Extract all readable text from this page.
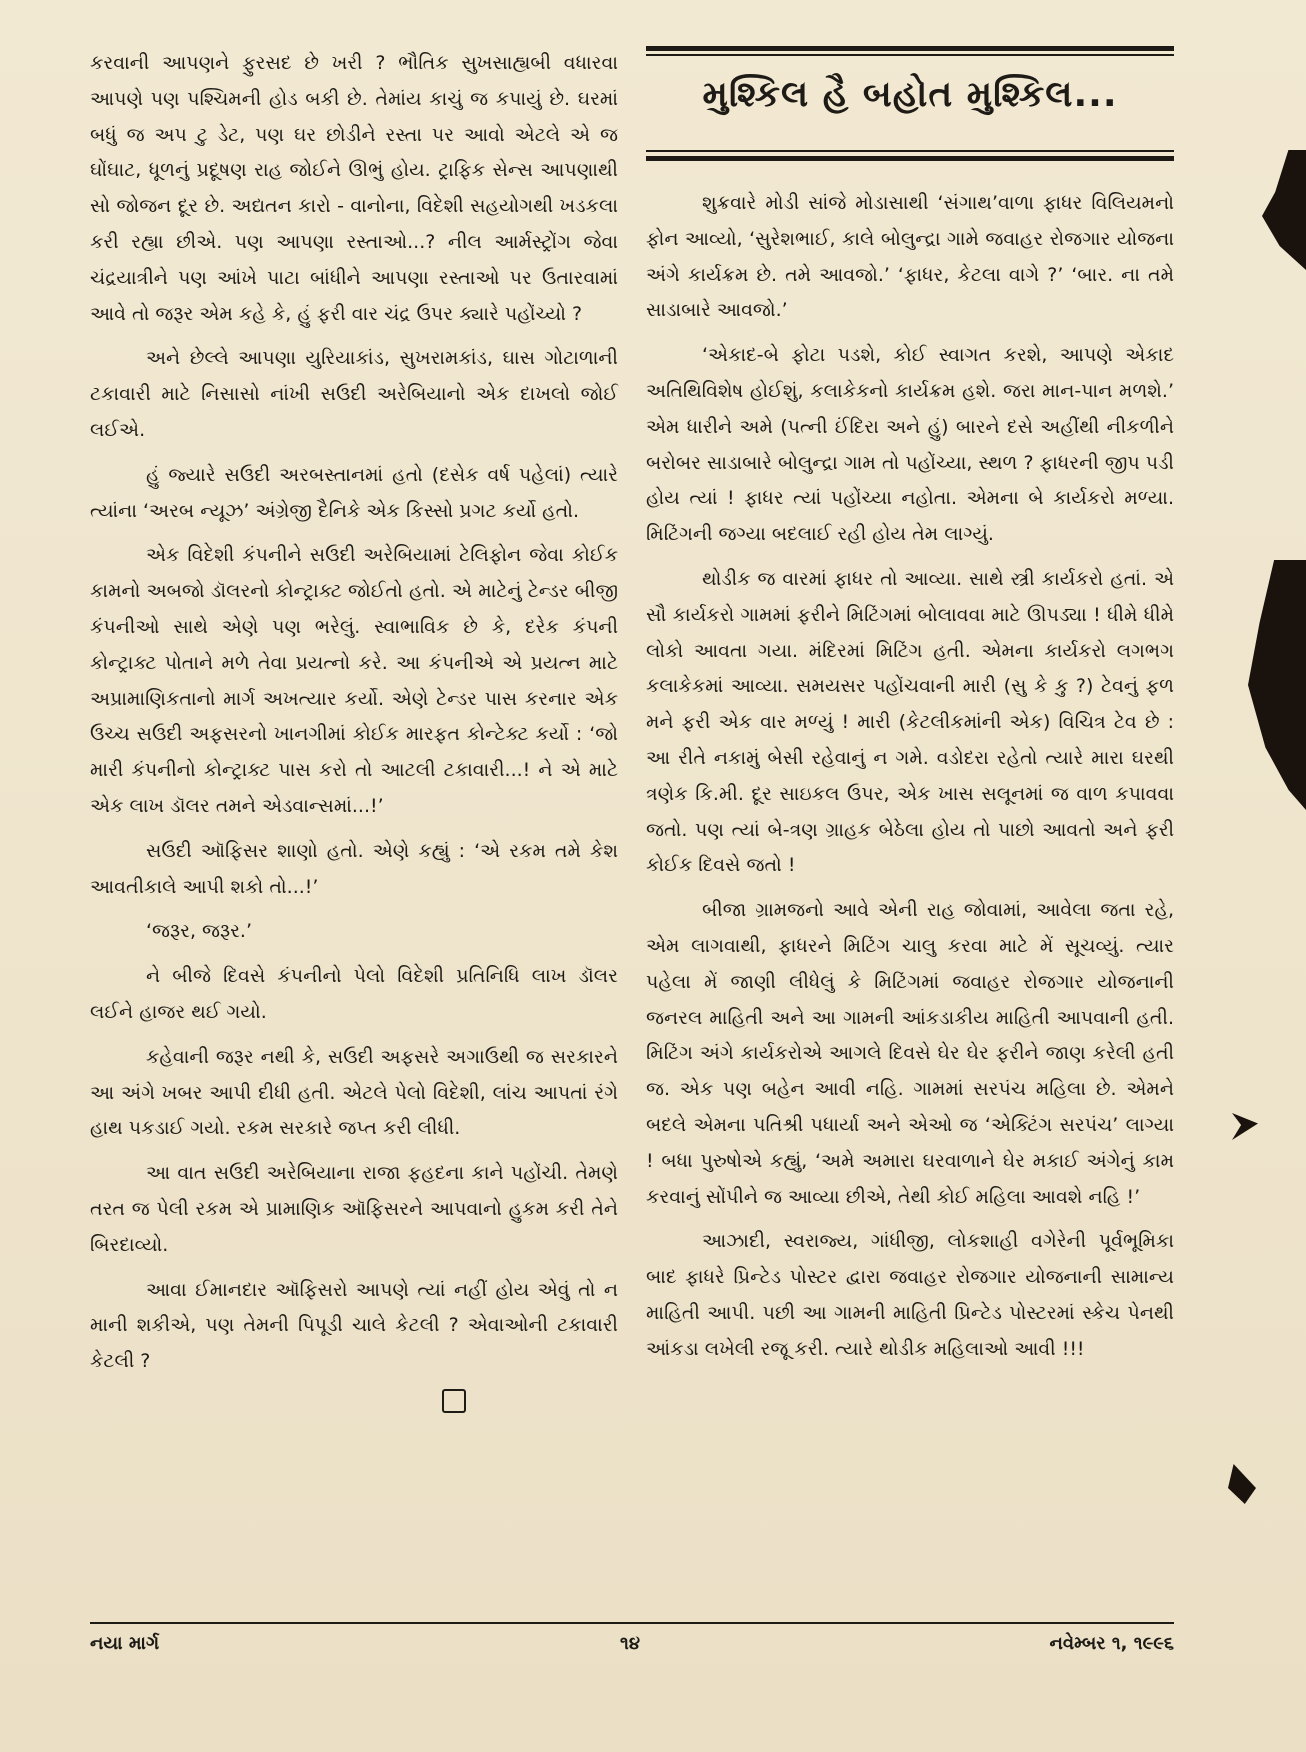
કરવાની આપણને ફુરસદ છે ખરી ? ભૌતિક સુખસાહ્યબી વધારવા આપણે પણ પશ્ચિમની હોડ બકી છે. તેમાંય કાચું જ કપાયું છે. ઘરમાં બધું જ અપ ટુ ડેટ, પણ ઘર છોડીને રસ્તા પર આવો એટલે એ જ ઘોંઘાટ, ધૂળનું પ્રદૂષણ રાહ જોઈને ઊભું હોય. ટ્રાફિક સેન્સ આપણાથી સો જોજન દૂર છે. અદ્યતન કારો - વાનોના, વિદેશી સહયોગથી ખડકલા કરી રહ્યા છીએ. પણ આપણા રસ્તાઓ...? નીલ આર્મસ્ટ્રોંગ જેવા ચંદ્રયાત્રીને પણ આંખે પાટા બાંધીને આપણા રસ્તાઓ પર ઉતારવામાં આવે તો જરૂર એમ કહે કે, હું ફરી વાર ચંદ્ર ઉપર ક્યારે પહોંચ્યો ?

અને છેલ્લે આપણા યુરિયાકાંડ, સુખરામકાંડ, ઘાસ ગોટાળાની ટકાવારી માટે નિસાસો નાંખી સઉદી અરેબિયાનો એક દાખલો જોઈ લઈએ.

હું જ્યારે સઉદી અરબસ્તાનમાં હતો (દસેક વર્ષ પહેલાં) ત્યારે ત્યાંના ‘અરબ ન્યૂઝ’ અંગ્રેજી દૈનિકે એક કિસ્સો પ્રગટ કર્યો હતો.

એક વિદેશી કંપનીને સઉદી અરેબિયામાં ટેલિફોન જેવા કોઈક કામનો અબજો ડૉલરનો કોન્ટ્રાક્ટ જોઈતો હતો. એ માટેનું ટેન્ડર બીજી કંપનીઓ સાથે એણે પણ ભરેલું. સ્વાભાવિક છે કે, દરેક કંપની કોન્ટ્રાક્ટ પોતાને મળે તેવા પ્રયત્નો કરે. આ કંપનીએ એ પ્રયત્ન માટે અપ્રામાણિકતાનો માર્ગ અખત્યાર કર્યો. એણે ટેન્ડર પાસ કરનાર એક ઉચ્ચ સઉદી અફસરનો ખાનગીમાં કોઈક મારફત કોન્ટેક્ટ કર્યો : ‘જો મારી કંપનીનો કોન્ટ્રાક્ટ પાસ કરો તો આટલી ટકાવારી...! ને એ માટે એક લાખ ડૉલર તમને એડવાન્સમાં...!’

સઉદી ઑફિસર શાણો હતો. એણે કહ્યું : ‘એ રકમ તમે કેશ આવતીકાલે આપી શકો તો...!’

‘જરૂર, જરૂર.’

ને બીજે દિવસે કંપનીનો પેલો વિદેશી પ્રતિનિધિ લાખ ડૉલર લઈને હાજર થઈ ગયો.

કહેવાની જરૂર નથી કે, સઉદી અફસરે અગાઉથી જ સરકારને આ અંગે ખબર આપી દીધી હતી. એટલે પેલો વિદેશી, લાંચ આપતાં રંગે હાથ પકડાઈ ગયો. રકમ સરકારે જપ્ત કરી લીધી.

આ વાત સઉદી અરેબિયાના રાજા ફહદના કાને પહોંચી. તેમણે તરત જ પેલી રકમ એ પ્રામાણિક ઑફિસરને આપવાનો હુકમ કરી તેને બિરદાવ્યો.

આવા ઈમાનદાર ઑફિસરો આપણે ત્યાં નહીં હોય એવું તો ન માની શકીએ, પણ તેમની પિપૂડી ચાલે કેટલી ? એવાઓની ટકાવારી કેટલી ?

મુશ્કિલ હૈ બહોત મુશ્કિલ...

શુક્રવારે મોડી સાંજે મોડાસાથી ‘સંગાથ’વાળા ફાધર વિલિયમનો ફોન આવ્યો, ‘સુરેશભાઈ, કાલે બોલુન્દ્રા ગામે જવાહર રોજગાર યોજના અંગે કાર્યક્રમ છે. તમે આવજો.’ ‘ફાધર, કેટલા વાગે ?’ ‘બાર. ના તમે સાડાબારે આવજો.’

‘એકાદ-બે ફોટા પડશે, કોઈ સ્વાગત કરશે, આપણે એકાદ અતિથિવિશેષ હોઈશું, કલાકેકનો કાર્યક્રમ હશે. જરા માન-પાન મળશે.’ એમ ધારીને અમે (પત્ની ઈંદિરા અને હું) બારને દસે અહીંથી નીકળીને બરોબર સાડાબારે બોલુન્દ્રા ગામ તો પહોંચ્યા, સ્થળ ? ફાધરની જીપ પડી હોય ત્યાં ! ફાધર ત્યાં પહોંચ્યા નહોતા. એમના બે કાર્યકરો મળ્યા. મિટિંગની જગ્યા બદલાઈ રહી હોય તેમ લાગ્યું.

થોડીક જ વારમાં ફાધર તો આવ્યા. સાથે સ્ત્રી કાર્યકરો હતાં. એ સૌ કાર્યકરો ગામમાં ફરીને મિટિંગમાં બોલાવવા માટે ઊપડ્યા ! ધીમે ધીમે લોકો આવતા ગયા. મંદિરમાં મિટિંગ હતી. એમના કાર્યકરો લગભગ કલાકેકમાં આવ્યા. સમયસર પહોંચવાની મારી (સુ કે કુ ?) ટેવનું ફળ મને ફરી એક વાર મળ્યું ! મારી (કેટલીકમાંની એક) વિચિત્ર ટેવ છે : આ રીતે નકામું બેસી રહેવાનું ન ગમે. વડોદરા રહેતો ત્યારે મારા ઘરથી ત્રણેક કિ.મી. દૂર સાઇકલ ઉપર, એક ખાસ સલૂનમાં જ વાળ કપાવવા જતો. પણ ત્યાં બે-ત્રણ ગ્રાહક બેઠેલા હોય તો પાછો આવતો અને ફરી કોઈક દિવસે જતો !

બીજા ગ્રામજનો આવે એની રાહ જોવામાં, આવેલા જતા રહે, એમ લાગવાથી, ફાધરને મિટિંગ ચાલુ કરવા માટે મેં સૂચવ્યું. ત્યાર પહેલા મેં જાણી લીધેલું કે મિટિંગમાં જવાહર રોજગાર યોજનાની જનરલ માહિતી અને આ ગામની આંકડાકીય માહિતી આપવાની હતી. મિટિંગ અંગે કાર્યકરોએ આગલે દિવસે ઘેર ઘેર ફરીને જાણ કરેલી હતી જ. એક પણ બહેન આવી નહિ. ગામમાં સરપંચ મહિલા છે. એમને બદલે એમના પતિશ્રી પધાર્યા અને એઓ જ ‘એક્ટિંગ સરપંચ’ લાગ્યા ! બધા પુરુષોએ કહ્યું, ‘અમે અમારા ઘરવાળાને ઘેર મકાઈ અંગેનું કામ કરવાનું સોંપીને જ આવ્યા છીએ, તેથી કોઈ મહિલા આવશે નહિ !’

આઝાદી, સ્વરાજ્ય, ગાંધીજી, લોકશાહી વગેરેની પૂર્વભૂમિકા બાદ ફાધરે પ્રિન્ટેડ પોસ્ટર દ્વારા જવાહર રોજગાર યોજનાની સામાન્ય માહિતી આપી. પછી આ ગામની માહિતી પ્રિન્ટેડ પોસ્ટરમાં સ્કેચ પેનથી આંકડા લખેલી રજૂ કરી. ત્યારે થોડીક મહિલાઓ આવી !!!

નયા માર્ગ	૧૪	નવેમ્બર ૧, ૧૯૯૬
